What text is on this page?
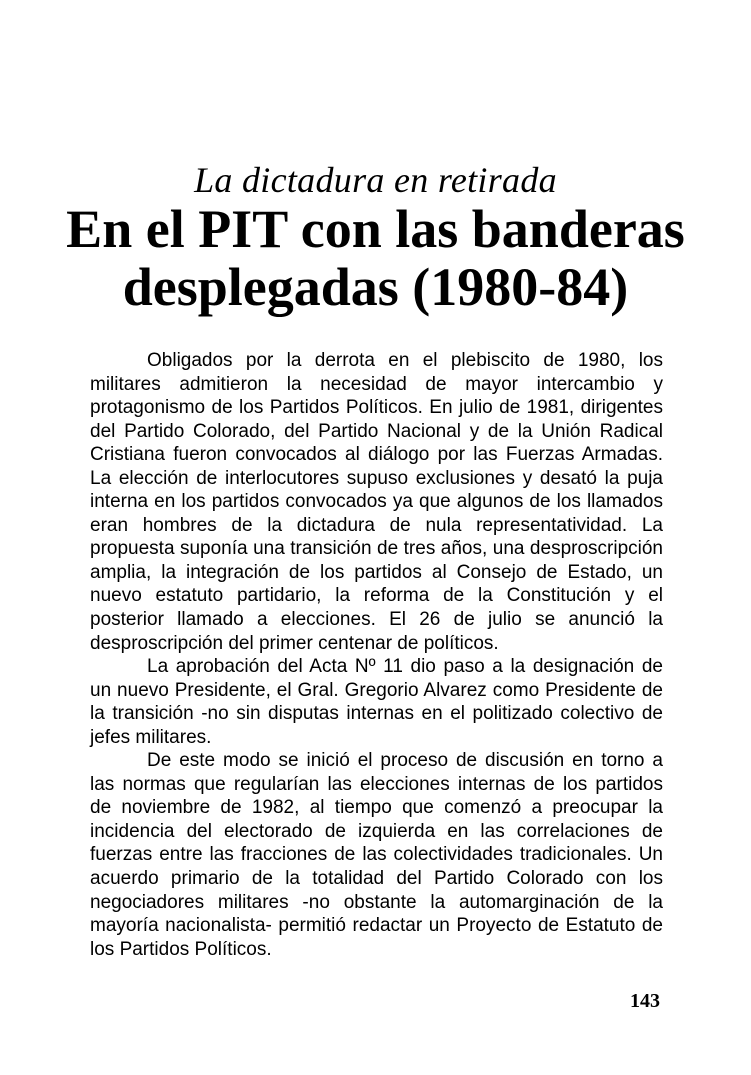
La dictadura en retirada
En el PIT con las banderas
desplegadas (1980-84)

Obligados por la derrota en el plebiscito de 1980, los militares admitieron la necesidad de mayor intercambio y protagonismo de los Partidos Políticos. En julio de 1981, dirigentes del Partido Colorado, del Partido Nacional y de la Unión Radical Cristiana fueron convocados al diálogo por las Fuerzas Armadas. La elección de interlocutores supuso exclusiones y desató la puja interna en los partidos convocados ya que algunos de los llamados eran hombres de la dictadura de nula representatividad. La propuesta suponía una transición de tres años, una desproscripción amplia, la integración de los partidos al Consejo de Estado, un nuevo estatuto partidario, la reforma de la Constitución y el posterior llamado a elecciones. El 26 de julio se anunció la desproscripción del primer centenar de políticos.

La aprobación del Acta Nº 11 dio paso a la designación de un nuevo Presidente, el Gral. Gregorio Alvarez como Presidente de la transición -no sin disputas internas en el politizado colectivo de jefes militares.

De este modo se inició el proceso de discusión en torno a las normas que regularían las elecciones internas de los partidos de noviembre de 1982, al tiempo que comenzó a preocupar la incidencia del electorado de izquierda en las correlaciones de fuerzas entre las fracciones de las colectividades tradicionales. Un acuerdo primario de la totalidad del Partido Colorado con los negociadores militares -no obstante la automarginación de la mayoría nacionalista- permitió redactar un Proyecto de Estatuto de los Partidos Políticos.

143
